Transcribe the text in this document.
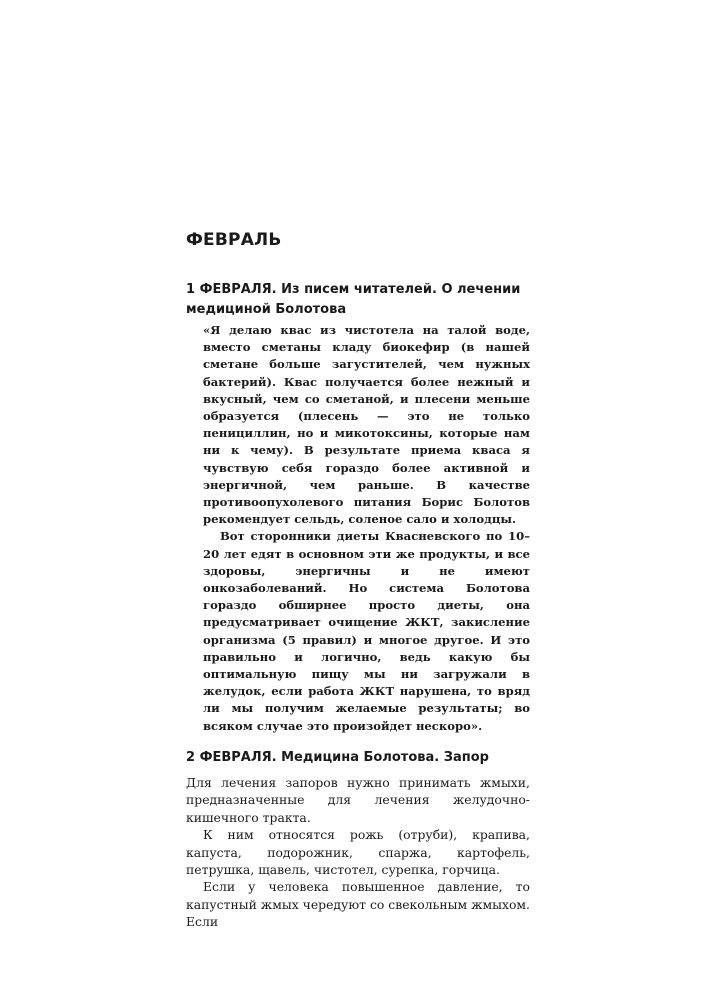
ФЕВРАЛЬ
1 ФЕВРАЛЯ. Из писем читателей. О лечении медициной Болотова

«Я делаю квас из чистотела на талой воде, вместо сметаны кладу биокефир (в нашей сметане больше загустителей, чем нужных бактерий). Квас получается более нежный и вкусный, чем со сметаной, и плесени меньше образуется (плесень — это не только пенициллин, но и микотоксины, которые нам ни к чему). В результате приема кваса я чувствую себя гораздо более активной и энергичной, чем раньше. В качестве противоопухолевого питания Борис Болотов рекомендует сельдь, соленое сало и холодцы.

Вот сторонники диеты Квасневского по 10–20 лет едят в основном эти же продукты, и все здоровы, энергичны и не имеют онкозаболеваний. Но система Болотова гораздо обширнее просто диеты, она предусматривает очищение ЖКТ, закисление организма (5 правил) и многое другое. И это правильно и логично, ведь какую бы оптимальную пищу мы ни загружали в желудок, если работа ЖКТ нарушена, то вряд ли мы получим желаемые результаты; во всяком случае это произойдет нескоро».

2 ФЕВРАЛЯ. Медицина Болотова. Запор

Для лечения запоров нужно принимать жмыхи, предназначенные для лечения желудочно-кишечного тракта.

К ним относятся рожь (отруби), крапива, капуста, подорожник, спаржа, картофель, петрушка, щавель, чистотел, сурепка, горчица.

Если у человека повышенное давление, то капустный жмых чередуют со свекольным жмыхом. Если
